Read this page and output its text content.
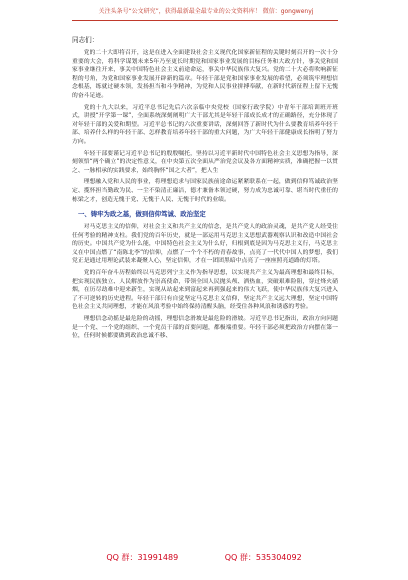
关注头条号“公文研究”，获得最新最全最专业的公文资料库！ 微信：gongwenyj
同志们：

党的二十大即将召开，这是在进入全面建设社会主义现代化国家新征程的关键时刻召开的一次十分重要的大会，将科学谋划未来5年乃至更长时期党和国家事业发展的目标任务和大政方针，事关党和国家事业继往开来，事关中国特色社会主义前途命运，事关中华民族伟大复兴。党的二十大必将吹响新征程的号角，为党和国家事业发展开辟新的篇章。年轻干部是党和国家事业发展的希望，必须筑牢理想信念根基，练就过硬本领，发扬担当和斗争精神，为党和人民事业拼搏奉献，在新时代新征程上留下无愧的奋斗足迹。

党的十九大以来，习近平总书记先后六次亲临中央党校（国家行政学院）中青年干部培训班开班式，讲授“开学第一课”，全面系统深刻阐明广大干部尤其是年轻干部成长成才的正确路径，充分体现了对年轻干部的关爱和期望。习近平总书记的六次重要讲话，深刻回答了新时代为什么要教育培养年轻干部、培养什么样的年轻干部、怎样教育培养年轻干部的重大问题，为广大年轻干部健康成长指明了努力方向。

年轻干部要谨记习近平总书记的殷殷嘱托，坚持以习近平新时代中国特色社会主义思想为指导，深刻领悟“两个确立”的决定性意义，在中央第五次全面从严治党会议及各方面精神实质，准确把握一以贯之、一脉相承的实践要求，始终胸怀“国之大者”，把人生

理想融入党和人民的事业，将理想追求与国家民族前途命运紧紧联系在一起，做到信仰笃诚政治坚定、揽怀担当勤政为民、一尘不染清正廉洁，德才兼备本领过硬，努力成为忠诚可靠、堪当时代重任的栋梁之才，创造无愧于党、无愧于人民、无愧于时代的业绩。

一、铸牢为政之基，做到信仰笃诚、政治坚定

对马克思主义的信仰，对社会主义和共产主义的信念，是共产党人的政治灵魂，是共产党人经受住任何考验的精神支柱。我们党的百年历史，就是一部运用马克思主义思想武器观察认识和改造中国社会的历史。中国共产党为什么能，中国特色社会主义为什么好，归根到底是因为马克思主义行，马克思主义在中国点燃了“南陈北李”的信仰，点燃了一个个不朽的青春故事，点亮了一代代中国人的梦想，我们党正是通过用理论武装来凝聚人心，坚定信仰，才在一团团黑暗中点亮了一座座照亮道路的灯塔。

党的百年奋斗历程始终以马克思列宁主义作为指导思想，以实现共产主义为最高理想和最终目标，把实现民族独立、人民解放作为崇高使命，带领全国人民抛头颅、洒热血，突破艰难险阻，穿过烽火硝烟，在历尽劫难中迎来新生，实现从站起来到富起来再到强起来的伟大飞跃，使中华民族伟大复兴进入了不可逆转的历史进程。年轻干部只有自觉坚定马克思主义信仰，坚定共产主义远大理想，坚定中国特色社会主义共同理想，才能在风浪考验中始终保持清醒头脑，经受住各种风浪和诱惑的考验。

理想信念动摇是最危险的动摇，理想信念滑坡是最危险的滑坡。习近平总书记指出，政治方向问题是一个党、一个党的组织、一个党员干部的首要问题，都极端重要。年轻干部必须把政治方向摆在第一位，任何时候都要做到政治忠诚不移、

QQ 群：31991489	QQ 群：535304092
